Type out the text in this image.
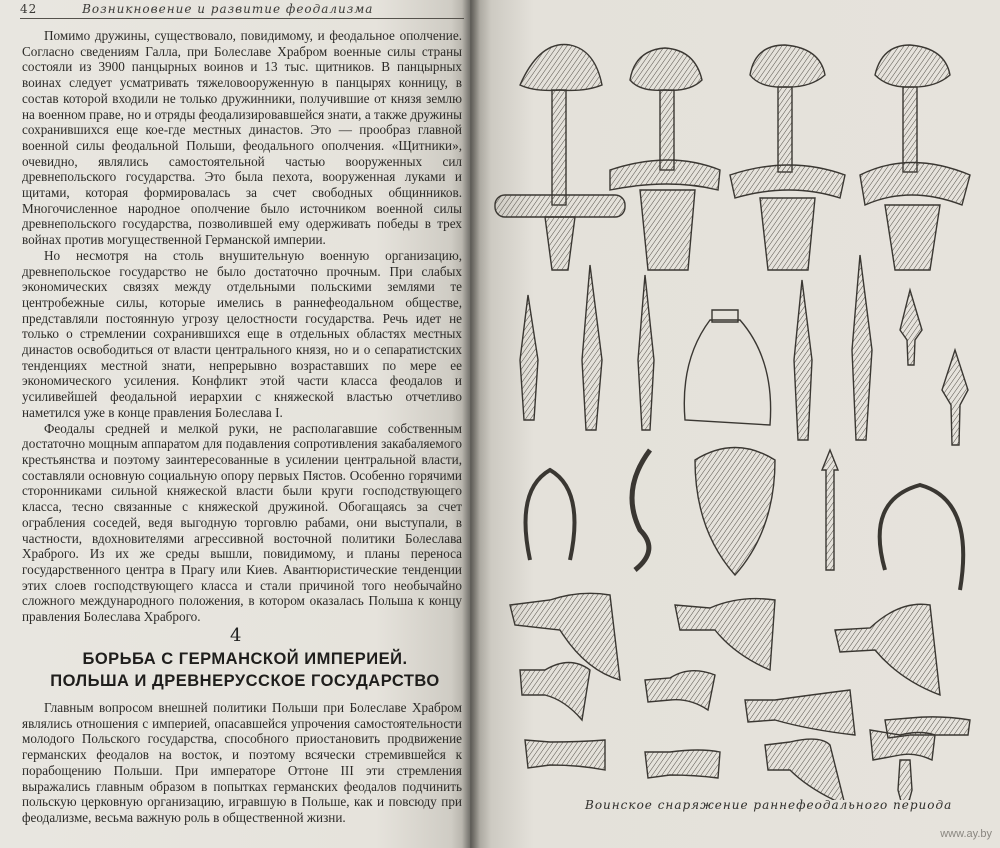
42	Возникновение и развитие феодализма

Помимо дружины, существовало, повидимому, и феодальное ополчение. Согласно сведениям Галла, при Болеславе Храбром военные силы страны состояли из 3900 панцырных воинов и 13 тыс. щитников. В панцырных воинах следует усматривать тяжеловооруженную в панцырях конницу, в состав которой входили не только дружинники, получившие от князя землю на военном праве, но и отряды феодализировавшейся знати, а также дружины сохранившихся еще кое-где местных династов. Это — прообраз главной военной силы феодальной Польши, феодального ополчения. «Щитники», очевидно, являлись самостоятельной частью вооруженных сил древнепольского государства. Это была пехота, вооруженная луками и щитами, которая формировалась за счет свободных общинников. Многочисленное народное ополчение было источником военной силы древнепольского государства, позволившей ему одерживать победы в трех войнах против могущественной Германской империи.

Но несмотря на столь внушительную военную организацию, древнепольское государство не было достаточно прочным. При слабых экономических связях между отдельными польскими землями те центробежные силы, которые имелись в раннефеодальном обществе, представляли постоянную угрозу целостности государства. Речь идет не только о стремлении сохранившихся еще в отдельных областях местных династов освободиться от власти центрального князя, но и о сепаратистских тенденциях местной знати, непрерывно возраставших по мере ее экономического усиления. Конфликт этой части класса феодалов и усиливейшей феодальной иерархии с княжеской властью отчетливо наметился уже в конце правления Болеслава I.

Феодалы средней и мелкой руки, не располагавшие собственным достаточно мощным аппаратом для подавления сопротивления закабаляемого крестьянства и поэтому заинтересованные в усилении центральной власти, составляли основную социальную опору первых Пястов. Особенно горячими сторонниками сильной княжеской власти были круги господствующего класса, тесно связанные с княжеской дружиной. Обогащаясь за счет ограбления соседей, ведя выгодную торговлю рабами, они выступали, в частности, вдохновителями агрессивной восточной политики Болеслава Храброго. Из их же среды вышли, повидимому, и планы переноса государственного центра в Прагу или Киев. Авантюристические тенденции этих слоев господствующего класса и стали причиной того необычайно сложного международного положения, в котором оказалась Польша к концу правления Болеслава Храброго.

4
БОРЬБА С ГЕРМАНСКОЙ ИМПЕРИЕЙ.
ПОЛЬША И ДРЕВНЕРУССКОЕ ГОСУДАРСТВО

Главным вопросом внешней политики Польши при Болеславе Храбром являлись отношения с империей, опасавшейся упрочения самостоятельности молодого Польского государства, способного приостановить продвижение германских феодалов на восток, и поэтому всячески стремившейся к порабощению Польши. При императоре Оттоне III эти стремления выражались главным образом в попытках германских феодалов подчинить польскую церковную организацию, игравшую в Польше, как и повсюду при феодализме, весьма важную роль в общественной жизни.

Воинское снаряжение раннефеодального периода
www.ay.by
